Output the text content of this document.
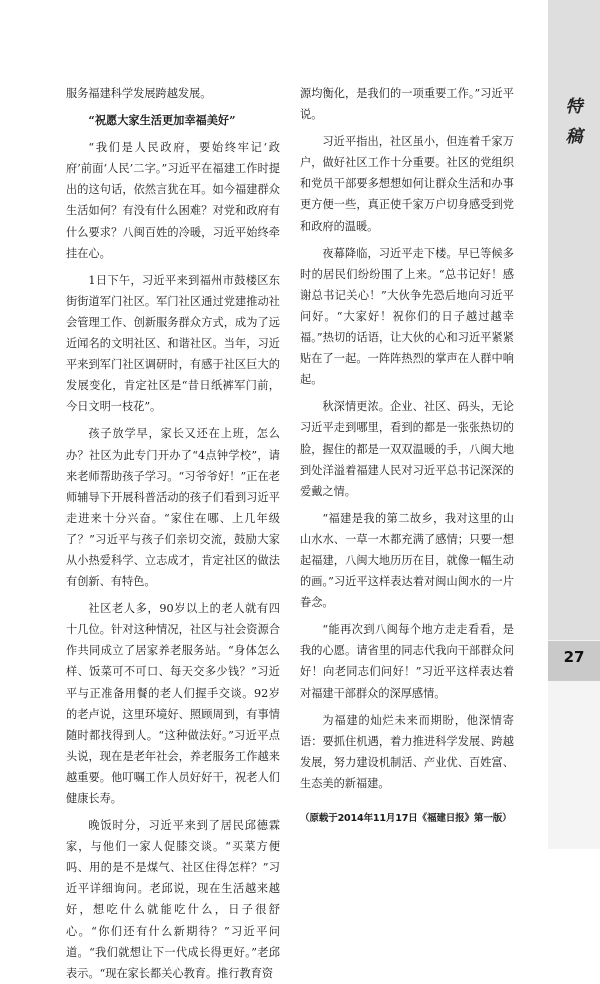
特稿
27

服务福建科学发展跨越发展。

“祝愿大家生活更加幸福美好”

“我们是人民政府，要始终牢记‘政府’前面‘人民’二字。”习近平在福建工作时提出的这句话，依然言犹在耳。如今福建群众生活如何？有没有什么困难？对党和政府有什么要求？八闽百姓的冷暖，习近平始终牵挂在心。

1日下午，习近平来到福州市鼓楼区东街街道军门社区。军门社区通过党建推动社会管理工作、创新服务群众方式，成为了远近闻名的文明社区、和谐社区。当年，习近平来到军门社区调研时，有感于社区巨大的发展变化，肯定社区是“昔日纸裤军门前，今日文明一枝花”。

孩子放学早，家长又还在上班，怎么办？社区为此专门开办了“4点钟学校”，请来老师帮助孩子学习。“习爷爷好！”正在老师辅导下开展科普活动的孩子们看到习近平走进来十分兴奋。“家住在哪、上几年级了？”习近平与孩子们亲切交流，鼓励大家从小热爱科学、立志成才，肯定社区的做法有创新、有特色。

社区老人多，90岁以上的老人就有四十几位。针对这种情况，社区与社会资源合作共同成立了居家养老服务站。“身体怎么样、饭菜可不可口、每天交多少钱？”习近平与正准备用餐的老人们握手交谈。92岁的老卢说，这里环境好、照顾周到，有事情随时都找得到人。“这种做法好。”习近平点头说，现在是老年社会，养老服务工作越来越重要。他叮嘱工作人员好好干，祝老人们健康长寿。

晚饭时分，习近平来到了居民邱德霖家，与他们一家人促膝交谈。“买菜方便吗、用的是不是煤气、社区住得怎样？”习近平详细询问。老邱说，现在生活越来越好，想吃什么就能吃什么，日子很舒心。“你们还有什么新期待？”习近平问道。“我们就想让下一代成长得更好。”老邱表示。“现在家长都关心教育。推行教育资

源均衡化，是我们的一项重要工作。”习近平说。

习近平指出，社区虽小，但连着千家万户，做好社区工作十分重要。社区的党组织和党员干部要多想想如何让群众生活和办事更方便一些，真正使千家万户切身感受到党和政府的温暖。

夜幕降临，习近平走下楼。早已等候多时的居民们纷纷围了上来。“总书记好！感谢总书记关心！”大伙争先恐后地向习近平问好。“大家好！祝你们的日子越过越幸福。”热切的话语，让大伙的心和习近平紧紧贴在了一起。一阵阵热烈的掌声在人群中响起。

秋深情更浓。企业、社区、码头，无论习近平走到哪里，看到的都是一张张热切的脸，握住的都是一双双温暖的手，八闽大地到处洋溢着福建人民对习近平总书记深深的爱戴之情。

“福建是我的第二故乡，我对这里的山山水水、一草一木都充满了感情；只要一想起福建，八闽大地历历在目，就像一幅生动的画。”习近平这样表达着对闽山闽水的一片眷念。

“能再次到八闽每个地方走走看看，是我的心愿。请省里的同志代我向干部群众问好！向老同志们问好！”习近平这样表达着对福建干部群众的深厚感情。

为福建的灿烂未来而期盼，他深情寄语：要抓住机遇，着力推进科学发展、跨越发展，努力建设机制活、产业优、百姓富、生态美的新福建。

（原载于2014年11月17日《福建日报》第一版）
